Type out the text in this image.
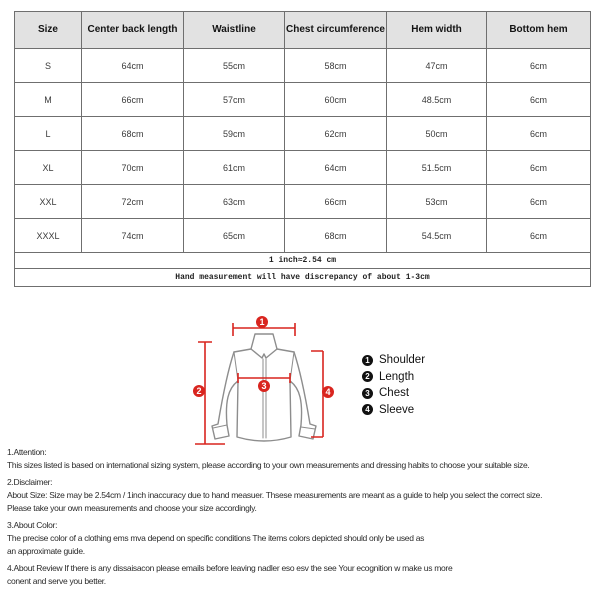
Size	Center back length	Waistline	Chest circumference	Hem width	Bottom hem
S	64cm	55cm	58cm	47cm	6cm
M	66cm	57cm	60cm	48.5cm	6cm
L	68cm	59cm	62cm	50cm	6cm
XL	70cm	61cm	64cm	51.5cm	6cm
XXL	72cm	63cm	66cm	53cm	6cm
XXXL	74cm	65cm	68cm	54.5cm	6cm
1 inch≈2.54 cm					
Hand measurement will have discrepancy of about 1-3cm					
1
2	3
4
1 Shoulder
2 Length
3 Chest
4 Sleeve
1.Attention:
This sizes listed is based on international sizing system, please according to your own measurements and dressing habits to choose your suitable size.
2.Disclaimer:
About Size: Size may be 2.54cm / 1inch inaccuracy due to hand measuer. Thsese measurements are meant as a guide to help you select the correct size.
Please take your own measurements and choose your size accordingly.
3.About Color:
The precise color of a clothing ems mva depend on specific conditions The items colors depicted should only be used as
an approximate guide.
4.About Review If there is any dissaisacon please emails before leaving nadler eso esv the see Your ecognition w make us more
conent and serve you better.
